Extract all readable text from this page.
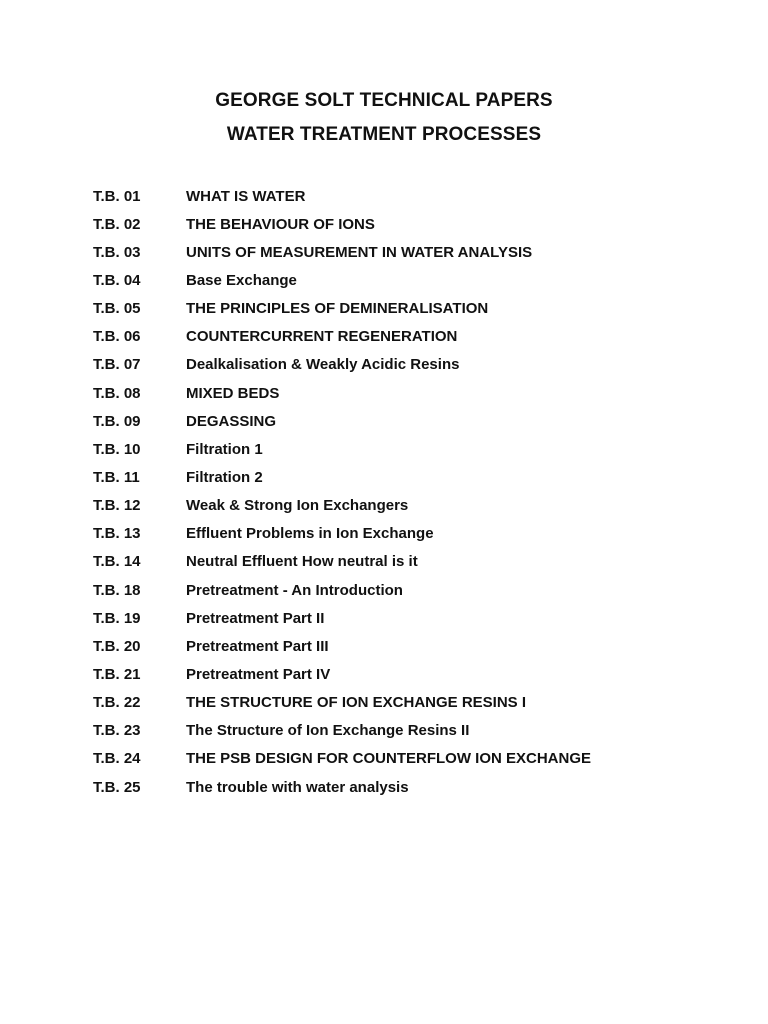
GEORGE SOLT TECHNICAL PAPERS
WATER TREATMENT PROCESSES
T.B. 01	WHAT IS WATER
T.B. 02	THE BEHAVIOUR OF IONS
T.B. 03	UNITS OF MEASUREMENT IN WATER ANALYSIS
T.B. 04	Base Exchange
T.B. 05	THE PRINCIPLES OF DEMINERALISATION
T.B. 06	COUNTERCURRENT REGENERATION
T.B. 07	Dealkalisation & Weakly Acidic Resins
T.B. 08	MIXED BEDS
T.B. 09	DEGASSING
T.B. 10	Filtration 1
T.B. 11	Filtration 2
T.B. 12	Weak & Strong Ion Exchangers
T.B. 13	Effluent Problems in Ion Exchange
T.B. 14	Neutral Effluent How neutral is it
T.B. 18	Pretreatment - An Introduction
T.B. 19	Pretreatment Part II
T.B. 20	Pretreatment Part III
T.B. 21	Pretreatment Part IV
T.B. 22	THE STRUCTURE OF ION EXCHANGE RESINS I
T.B. 23	The Structure of Ion Exchange Resins II
T.B. 24	THE PSB DESIGN FOR COUNTERFLOW ION EXCHANGE
T.B. 25	The trouble with water analysis
